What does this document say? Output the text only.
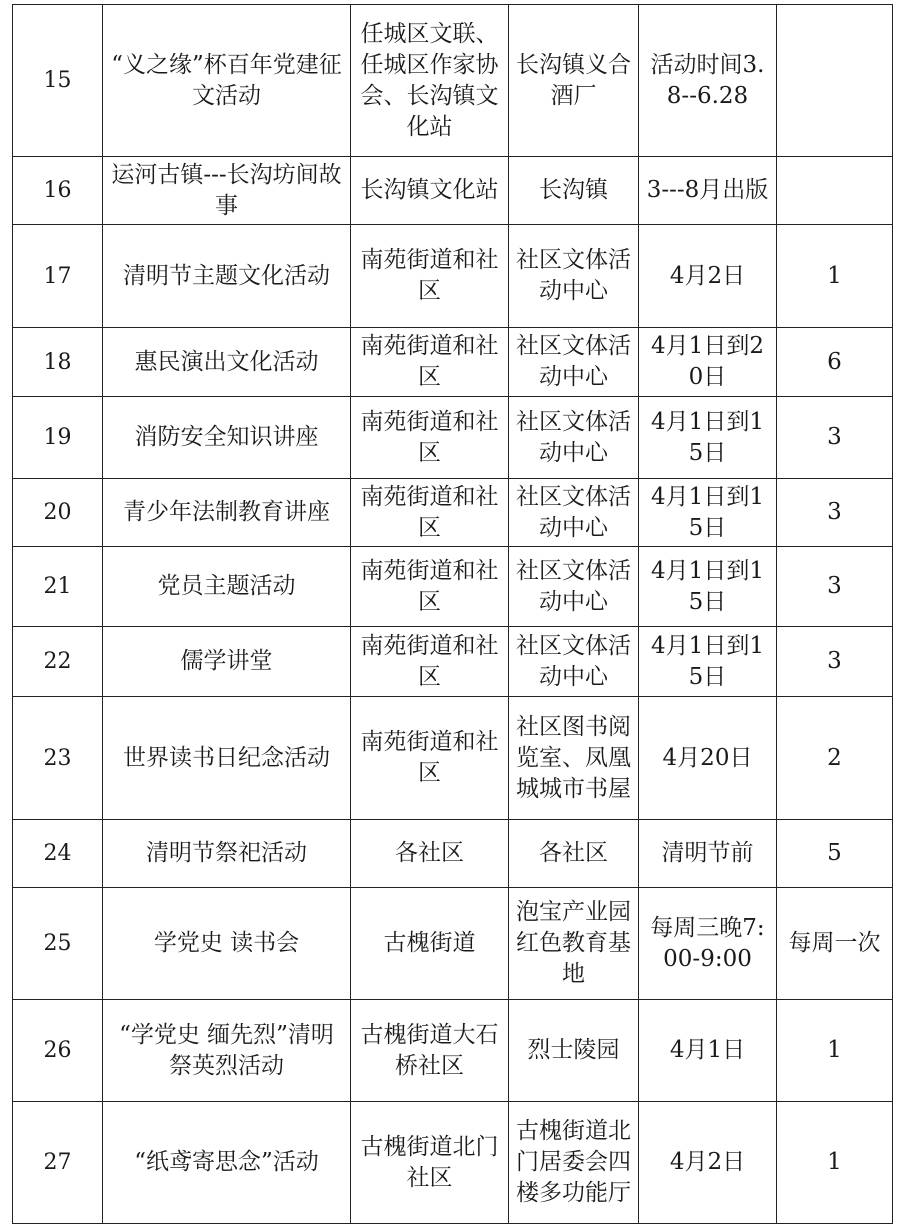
15	“义之缘”杯百年党建征文活动	任城区文联、任城区作家协会、长沟镇文化站	长沟镇义合酒厂	活动时间3.8--6.28	
16	运河古镇---长沟坊间故事	长沟镇文化站	长沟镇	3---8月出版	
17	清明节主题文化活动	南苑街道和社区	社区文体活动中心	4月2日	1
18	惠民演出文化活动	南苑街道和社区	社区文体活动中心	4月1日到20日	6
19	消防安全知识讲座	南苑街道和社区	社区文体活动中心	4月1日到15日	3
20	青少年法制教育讲座	南苑街道和社区	社区文体活动中心	4月1日到15日	3
21	党员主题活动	南苑街道和社区	社区文体活动中心	4月1日到15日	3
22	儒学讲堂	南苑街道和社区	社区文体活动中心	4月1日到15日	3
23	世界读书日纪念活动	南苑街道和社区	社区图书阅览室、凤凰城城市书屋	4月20日	2
24	清明节祭祀活动	各社区	各社区	清明节前	5
25	学党史 读书会	古槐街道	泡宝产业园红色教育基地	每周三晚7:00-9:00	每周一次
26	“学党史 缅先烈”清明祭英烈活动	古槐街道大石桥社区	烈士陵园	4月1日	1
27	“纸鸢寄思念”活动	古槐街道北门社区	古槐街道北门居委会四楼多功能厅	4月2日	1
